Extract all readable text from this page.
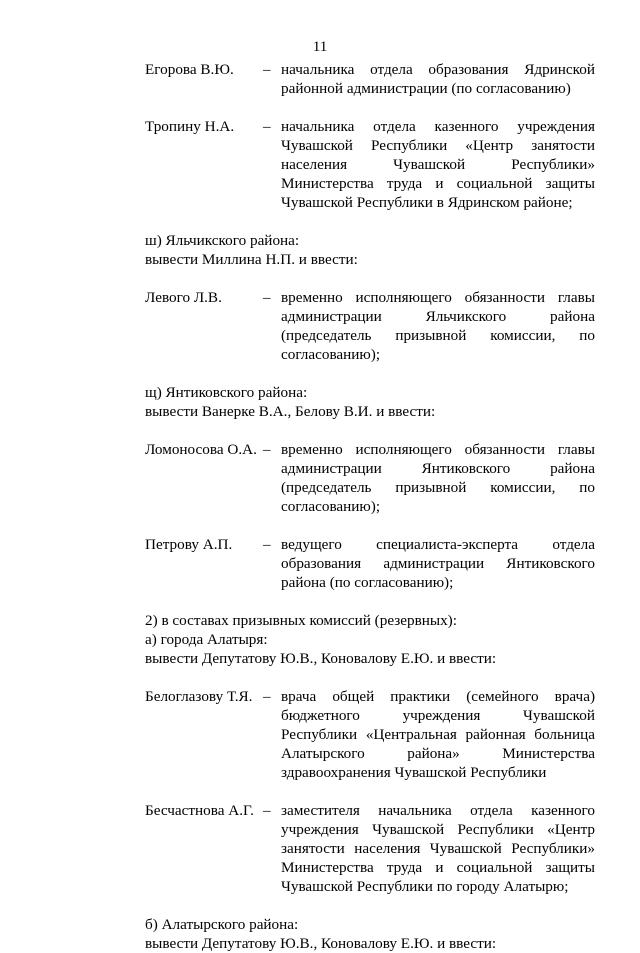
11
Егорова В.Ю.	– начальника отдела образования Ядринской районной администрации (по согласованию)
Тропину Н.А.	– начальника отдела казенного учреждения Чувашской Республики «Центр занятости населения Чувашской Республики» Министерства труда и социальной защиты Чувашской Республики в Ядринском районе;
ш) Яльчикского района:
вывести Миллина Н.П. и ввести:
Левого Л.В.	– временно исполняющего обязанности главы администрации Яльчикского района (председатель призывной комиссии, по согласованию);
щ) Янтиковского района:
вывести Ванерке В.А., Белову В.И. и ввести:
Ломоносова О.А. – временно исполняющего обязанности главы администрации Янтиковского района (председатель призывной комиссии, по согласованию);
Петрову А.П.	– ведущего специалиста-эксперта отдела образования администрации Янтиковского района (по согласованию);
2) в составах призывных комиссий (резервных):
а) города Алатыря:
вывести Депутатову Ю.В., Коновалову Е.Ю. и ввести:
Белоглазову Т.Я. – врача общей практики (семейного врача) бюджетного учреждения Чувашской Республики «Центральная районная больница Алатырского района» Министерства здравоохранения Чувашской Республики
Бесчастнова А.Г. – заместителя начальника отдела казенного учреждения Чувашской Республики «Центр занятости населения Чувашской Республики» Министерства труда и социальной защиты Чувашской Республики по городу Алатырю;
б) Алатырского района:
вывести Депутатову Ю.В., Коновалову Е.Ю. и ввести:
